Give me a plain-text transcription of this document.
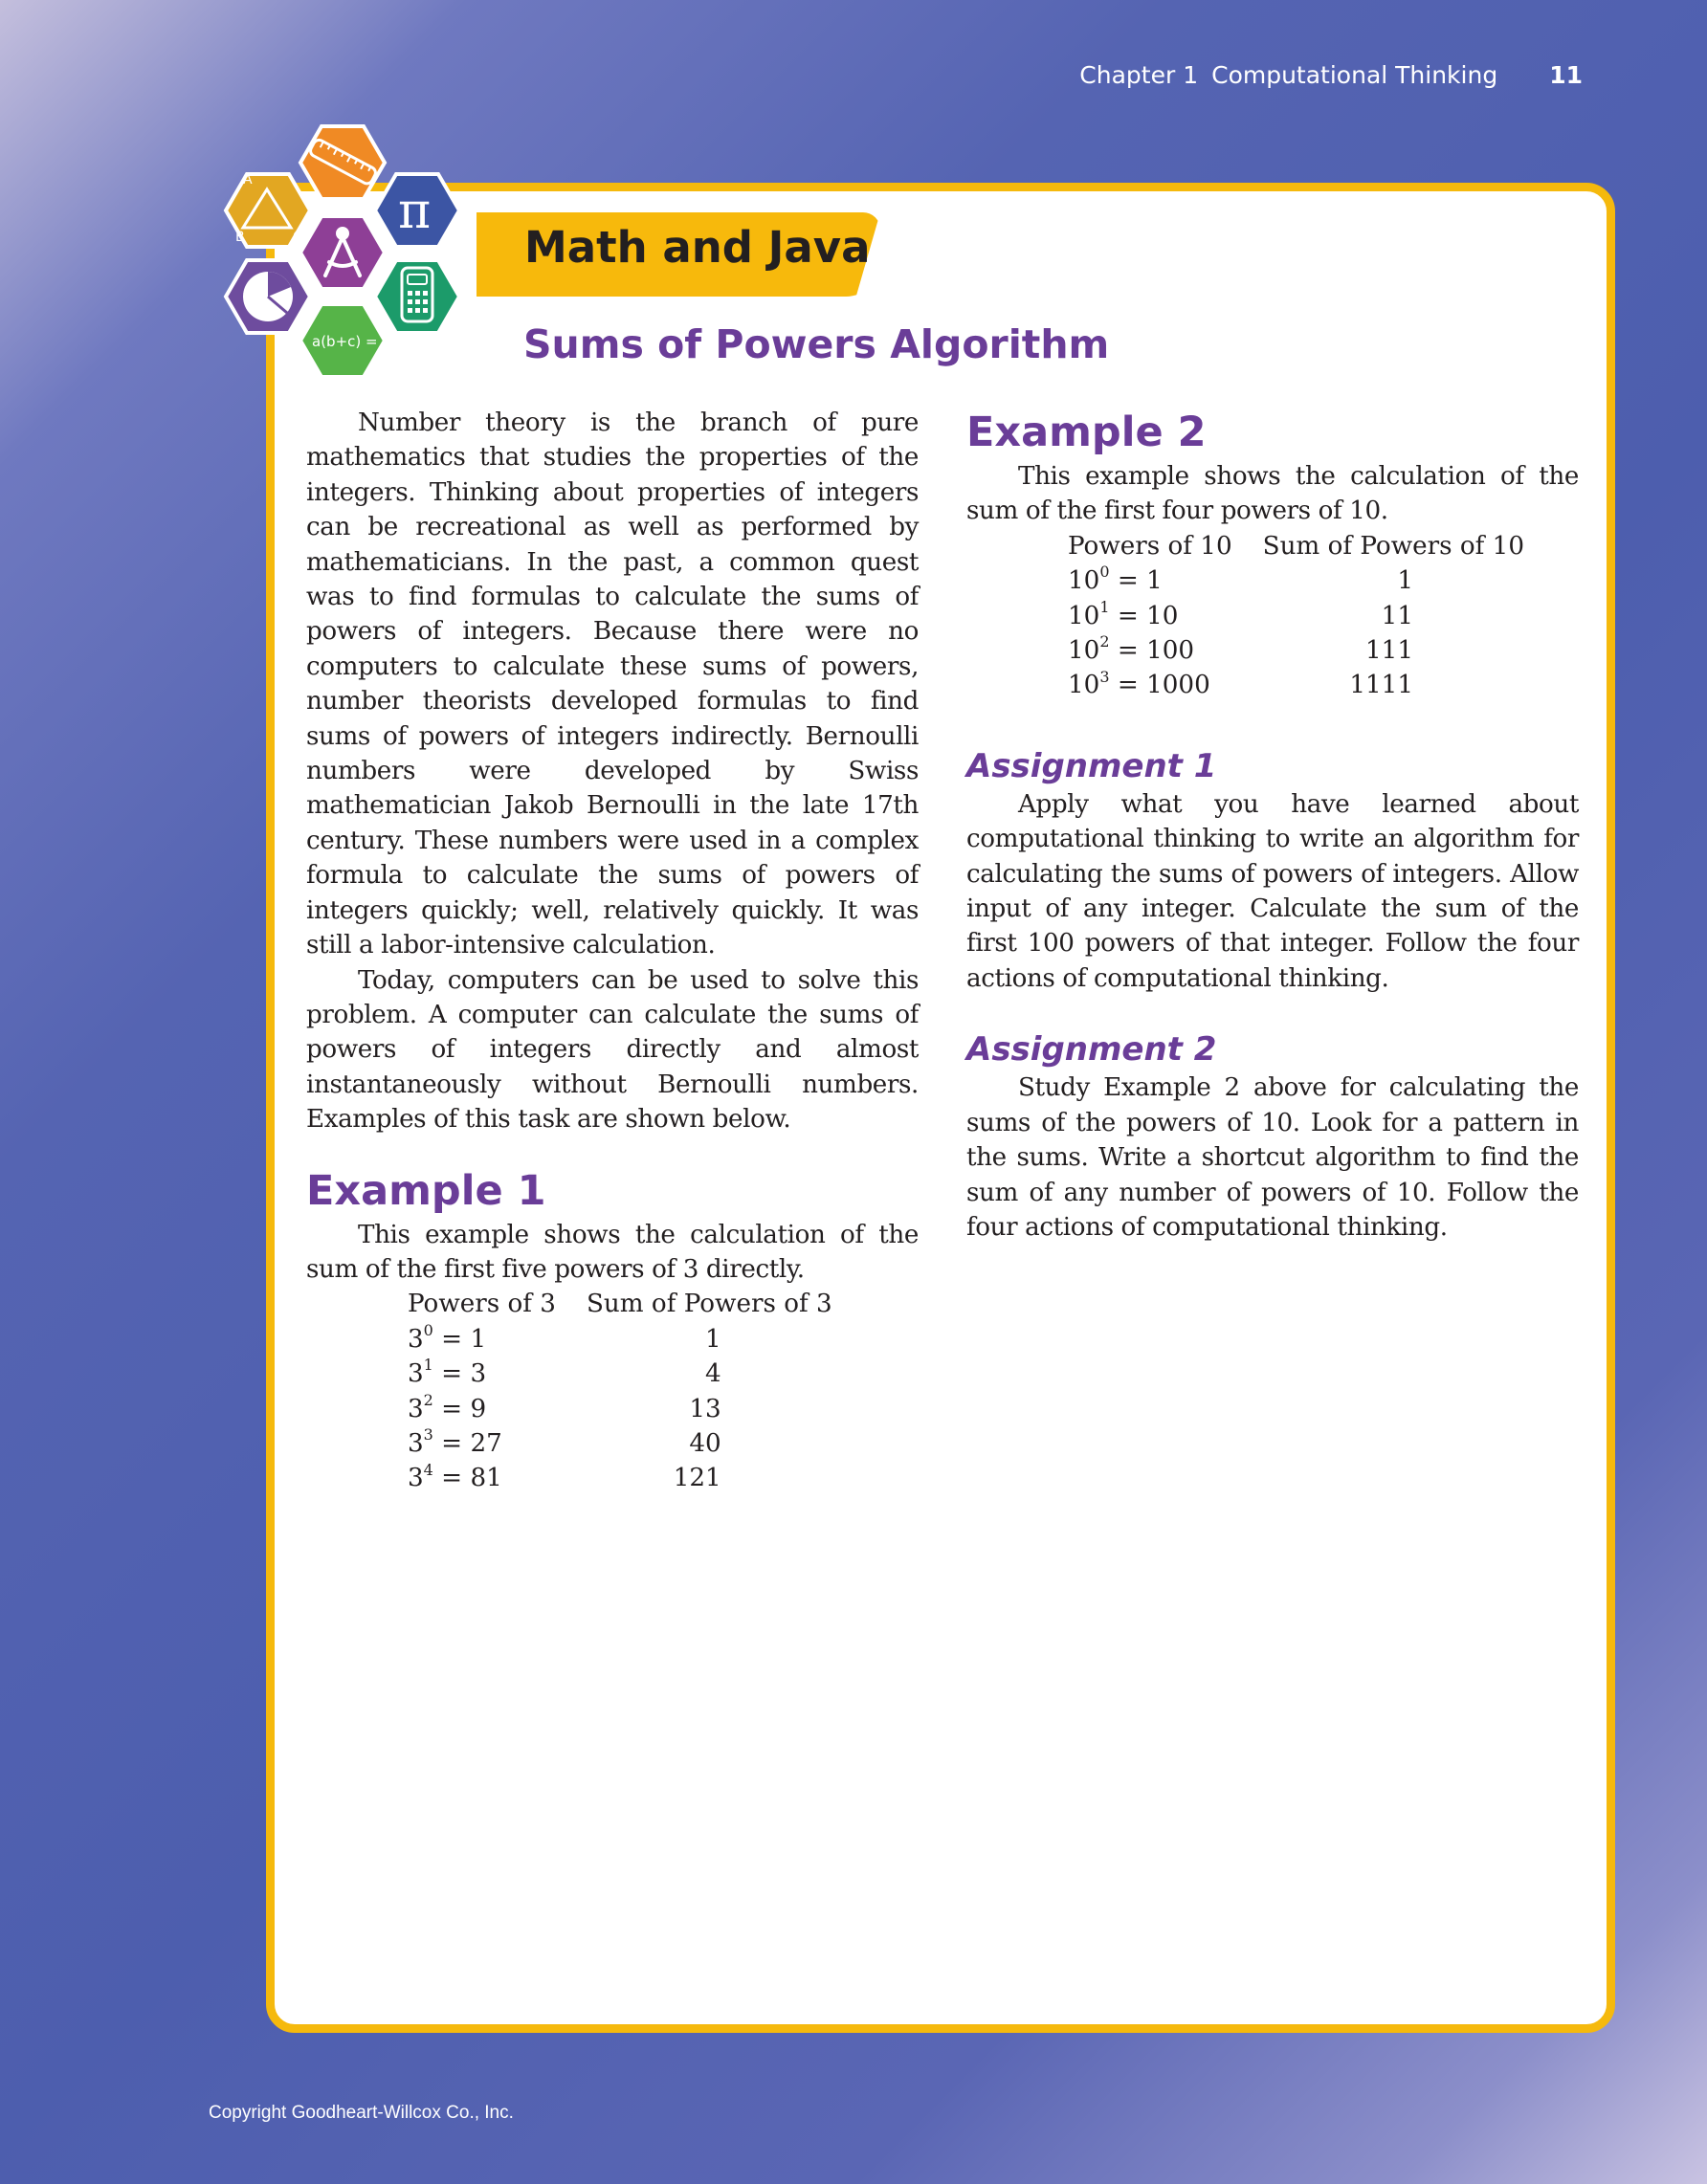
Chapter 1 Computational Thinking 11
Math and Java
A
B	C π
a(b+c) =	Sums of Powers Algorithm

Number theory is the branch of pure mathematics that studies the properties of the integers. Thinking about properties of integers can be recreational as well as performed by mathematicians. In the past, a common quest was to find formulas to calculate the sums of powers of integers. Because there were no computers to calculate these sums of powers, number theorists developed formulas to find sums of powers of integers indirectly. Bernoulli numbers were developed by Swiss mathematician Jakob Bernoulli in the late 17th century. These numbers were used in a complex formula to calculate the sums of powers of integers quickly; well, relatively quickly. It was still a labor-intensive calculation.

Today, computers can be used to solve this problem. A computer can calculate the sums of powers of integers directly and almost instantaneously without Bernoulli numbers. Examples of this task are shown below.

Example 1

This example shows the calculation of the sum of the first five powers of 3 directly.

Powers of 3	Sum of Powers of 3
$3^0 = 1$	1
$3^1 = 3$	4
$3^2 = 9$	13
$3^3 = 27$	40
$3^4 = 81$	121
Example 2

This example shows the calculation of the sum of the first four powers of 10.

Powers of 10	Sum of Powers of 10
$10^0 = 1$	1
$10^1 = 10$	11
$10^2 = 100$	111
$10^3 = 1000$	1111
Assignment 1

Apply what you have learned about computational thinking to write an algorithm for calculating the sums of powers of integers. Allow input of any integer. Calculate the sum of the first 100 powers of that integer. Follow the four actions of computational thinking.

Assignment 2

Study Example 2 above for calculating the sums of the powers of 10. Look for a pattern in the sums. Write a shortcut algorithm to find the sum of any number of powers of 10. Follow the four actions of computational thinking.

Copyright Goodheart-Willcox Co., Inc.
